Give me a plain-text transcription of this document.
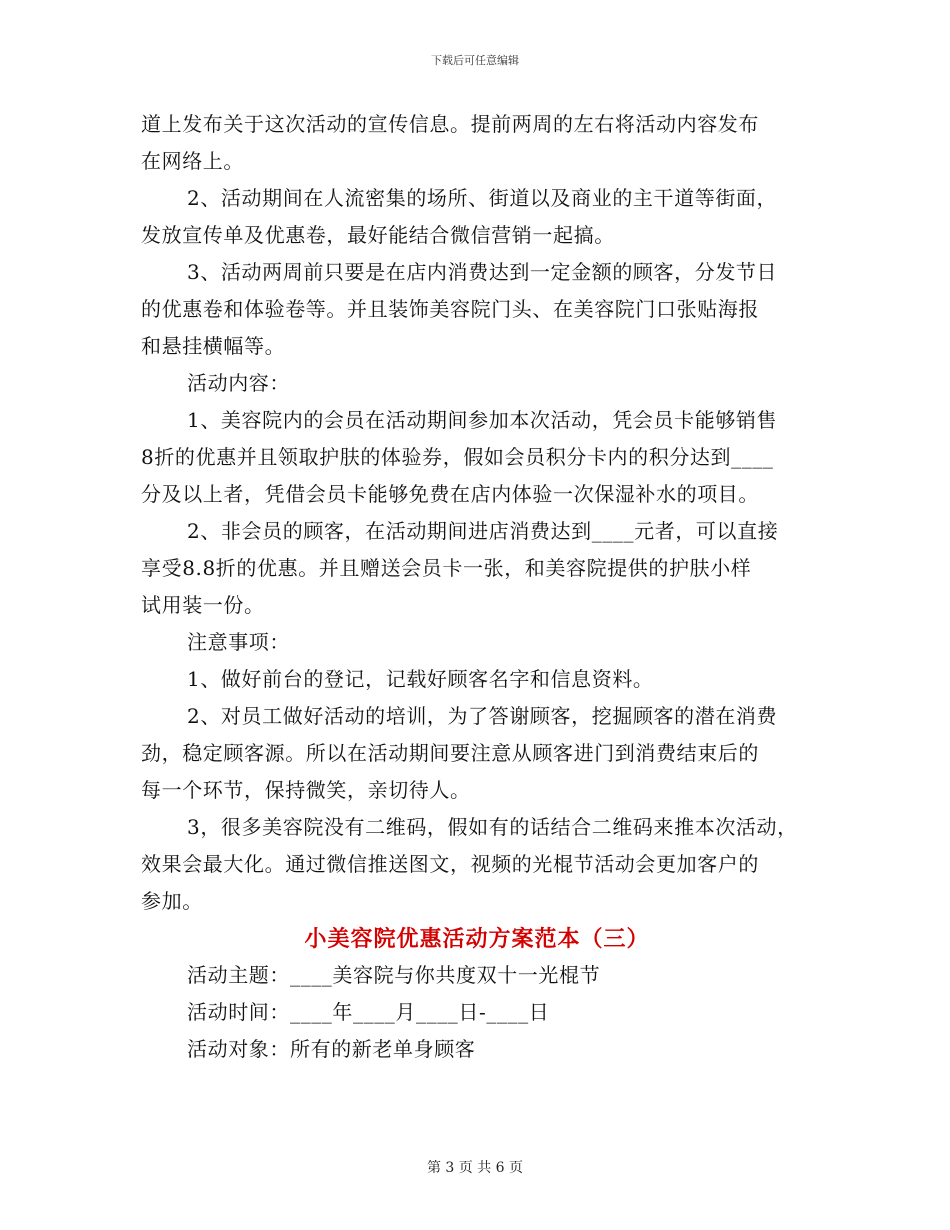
下载后可任意编辑
道上发布关于这次活动的宣传信息。提前两周的左右将活动内容发布
在网络上。
2、活动期间在人流密集的场所、街道以及商业的主干道等街面，
发放宣传单及优惠卷，最好能结合微信营销一起搞。
3、活动两周前只要是在店内消费达到一定金额的顾客，分发节日
的优惠卷和体验卷等。并且装饰美容院门头、在美容院门口张贴海报
和悬挂横幅等。
活动内容：
1、美容院内的会员在活动期间参加本次活动，凭会员卡能够销售
8折的优惠并且领取护肤的体验券，假如会员积分卡内的积分达到____
分及以上者，凭借会员卡能够免费在店内体验一次保湿补水的项目。
2、非会员的顾客，在活动期间进店消费达到____元者，可以直接
享受8.8折的优惠。并且赠送会员卡一张，和美容院提供的护肤小样
试用装一份。
注意事项：
1、做好前台的登记，记载好顾客名字和信息资料。
2、对员工做好活动的培训，为了答谢顾客，挖掘顾客的潜在消费
劲，稳定顾客源。所以在活动期间要注意从顾客进门到消费结束后的
每一个环节，保持微笑，亲切待人。
3，很多美容院没有二维码，假如有的话结合二维码来推本次活动，
效果会最大化。通过微信推送图文，视频的光棍节活动会更加客户的
参加。
小美容院优惠活动方案范本（三）
活动主题：____美容院与你共度双十一光棍节
活动时间：____年____月____日-____日
活动对象：所有的新老单身顾客
第 3 页 共 6 页
